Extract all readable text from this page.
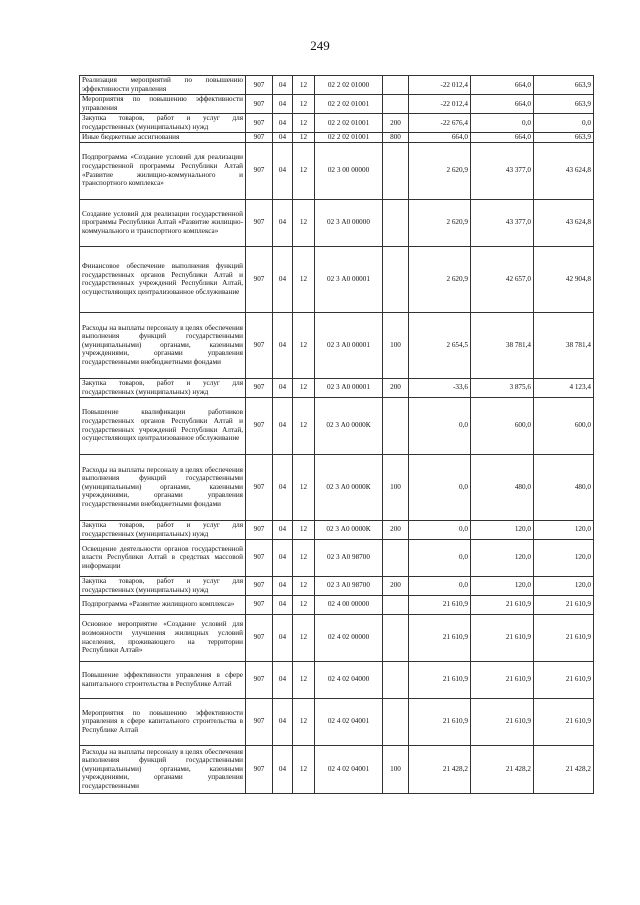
249
Реализация мероприятий по повышению эффективности управления	907	04	12	02 2 02 01000		-22 012,4	664,0	663,9
Мероприятия по повышению эффективности управления	907	04	12	02 2 02 01001		-22 012,4	664,0	663,9
Закупка товаров, работ и услуг для государственных (муниципальных) нужд	907	04	12	02 2 02 01001	200	-22 676,4	0,0	0,0
Иные бюджетные ассигнования	907	04	12	02 2 02 01001	800	664,0	664,0	663,9
Подпрограмма «Создание условий для реализации государственной программы Республики Алтай «Развитие жилищно-коммунального и транспортного комплекса»	907	04	12	02 3 00 00000		2 620,9	43 377,0	43 624,8
Создание условий для реализации государственной программы Республики Алтай «Развитие жилищно-коммунального и транспортного комплекса»	907	04	12	02 3 А0 00000		2 620,9	43 377,0	43 624,8
Финансовое обеспечение выполнения функций государственных органов Республики Алтай и государственных учреждений Республики Алтай, осуществляющих централизованное обслуживание	907	04	12	02 3 А0 00001		2 620,9	42 657,0	42 904,8
Расходы на выплаты персоналу в целях обеспечения выполнения функций государственными (муниципальными) органами, казенными учреждениями, органами управления государственными внебюджетными фондами	907	04	12	02 3 А0 00001	100	2 654,5	38 781,4	38 781,4
Закупка товаров, работ и услуг для государственных (муниципальных) нужд	907	04	12	02 3 А0 00001	200	-33,6	3 875,6	4 123,4
Повышение квалификации работников государственных органов Республики Алтай и государственных учреждений Республики Алтай, осуществляющих централизованное обслуживание	907	04	12	02 3 А0 0000К		0,0	600,0	600,0
Расходы на выплаты персоналу в целях обеспечения выполнения функций государственными (муниципальными) органами, казенными учреждениями, органами управления государственными внебюджетными фондами	907	04	12	02 3 А0 0000К	100	0,0	480,0	480,0
Закупка товаров, работ и услуг для государственных (муниципальных) нужд	907	04	12	02 3 А0 0000К	200	0,0	120,0	120,0
Освещение деятельности органов государственной власти Республики Алтай в средствах массовой информации	907	04	12	02 3 А0 98700		0,0	120,0	120,0
Закупка товаров, работ и услуг для государственных (муниципальных) нужд	907	04	12	02 3 А0 98700	200	0,0	120,0	120,0
Подпрограмма «Развитие жилищного комплекса»	907	04	12	02 4 00 00000		21 610,9	21 610,9	21 610,9
Основное мероприятие «Создание условий для возможности улучшения жилищных условий населения, проживающего на территории Республики Алтай»	907	04	12	02 4 02 00000		21 610,9	21 610,9	21 610,9
Повышение эффективности управления в сфере капитального строительства в Республике Алтай	907	04	12	02 4 02 04000		21 610,9	21 610,9	21 610,9
Мероприятия по повышению эффективности управления в сфере капитального строительства в Республике Алтай	907	04	12	02 4 02 04001		21 610,9	21 610,9	21 610,9
Расходы на выплаты персоналу в целях обеспечения выполнения функций государственными (муниципальными) органами, казенными учреждениями, органами управления государственными	907	04	12	02 4 02 04001	100	21 428,2	21 428,2	21 428,2
